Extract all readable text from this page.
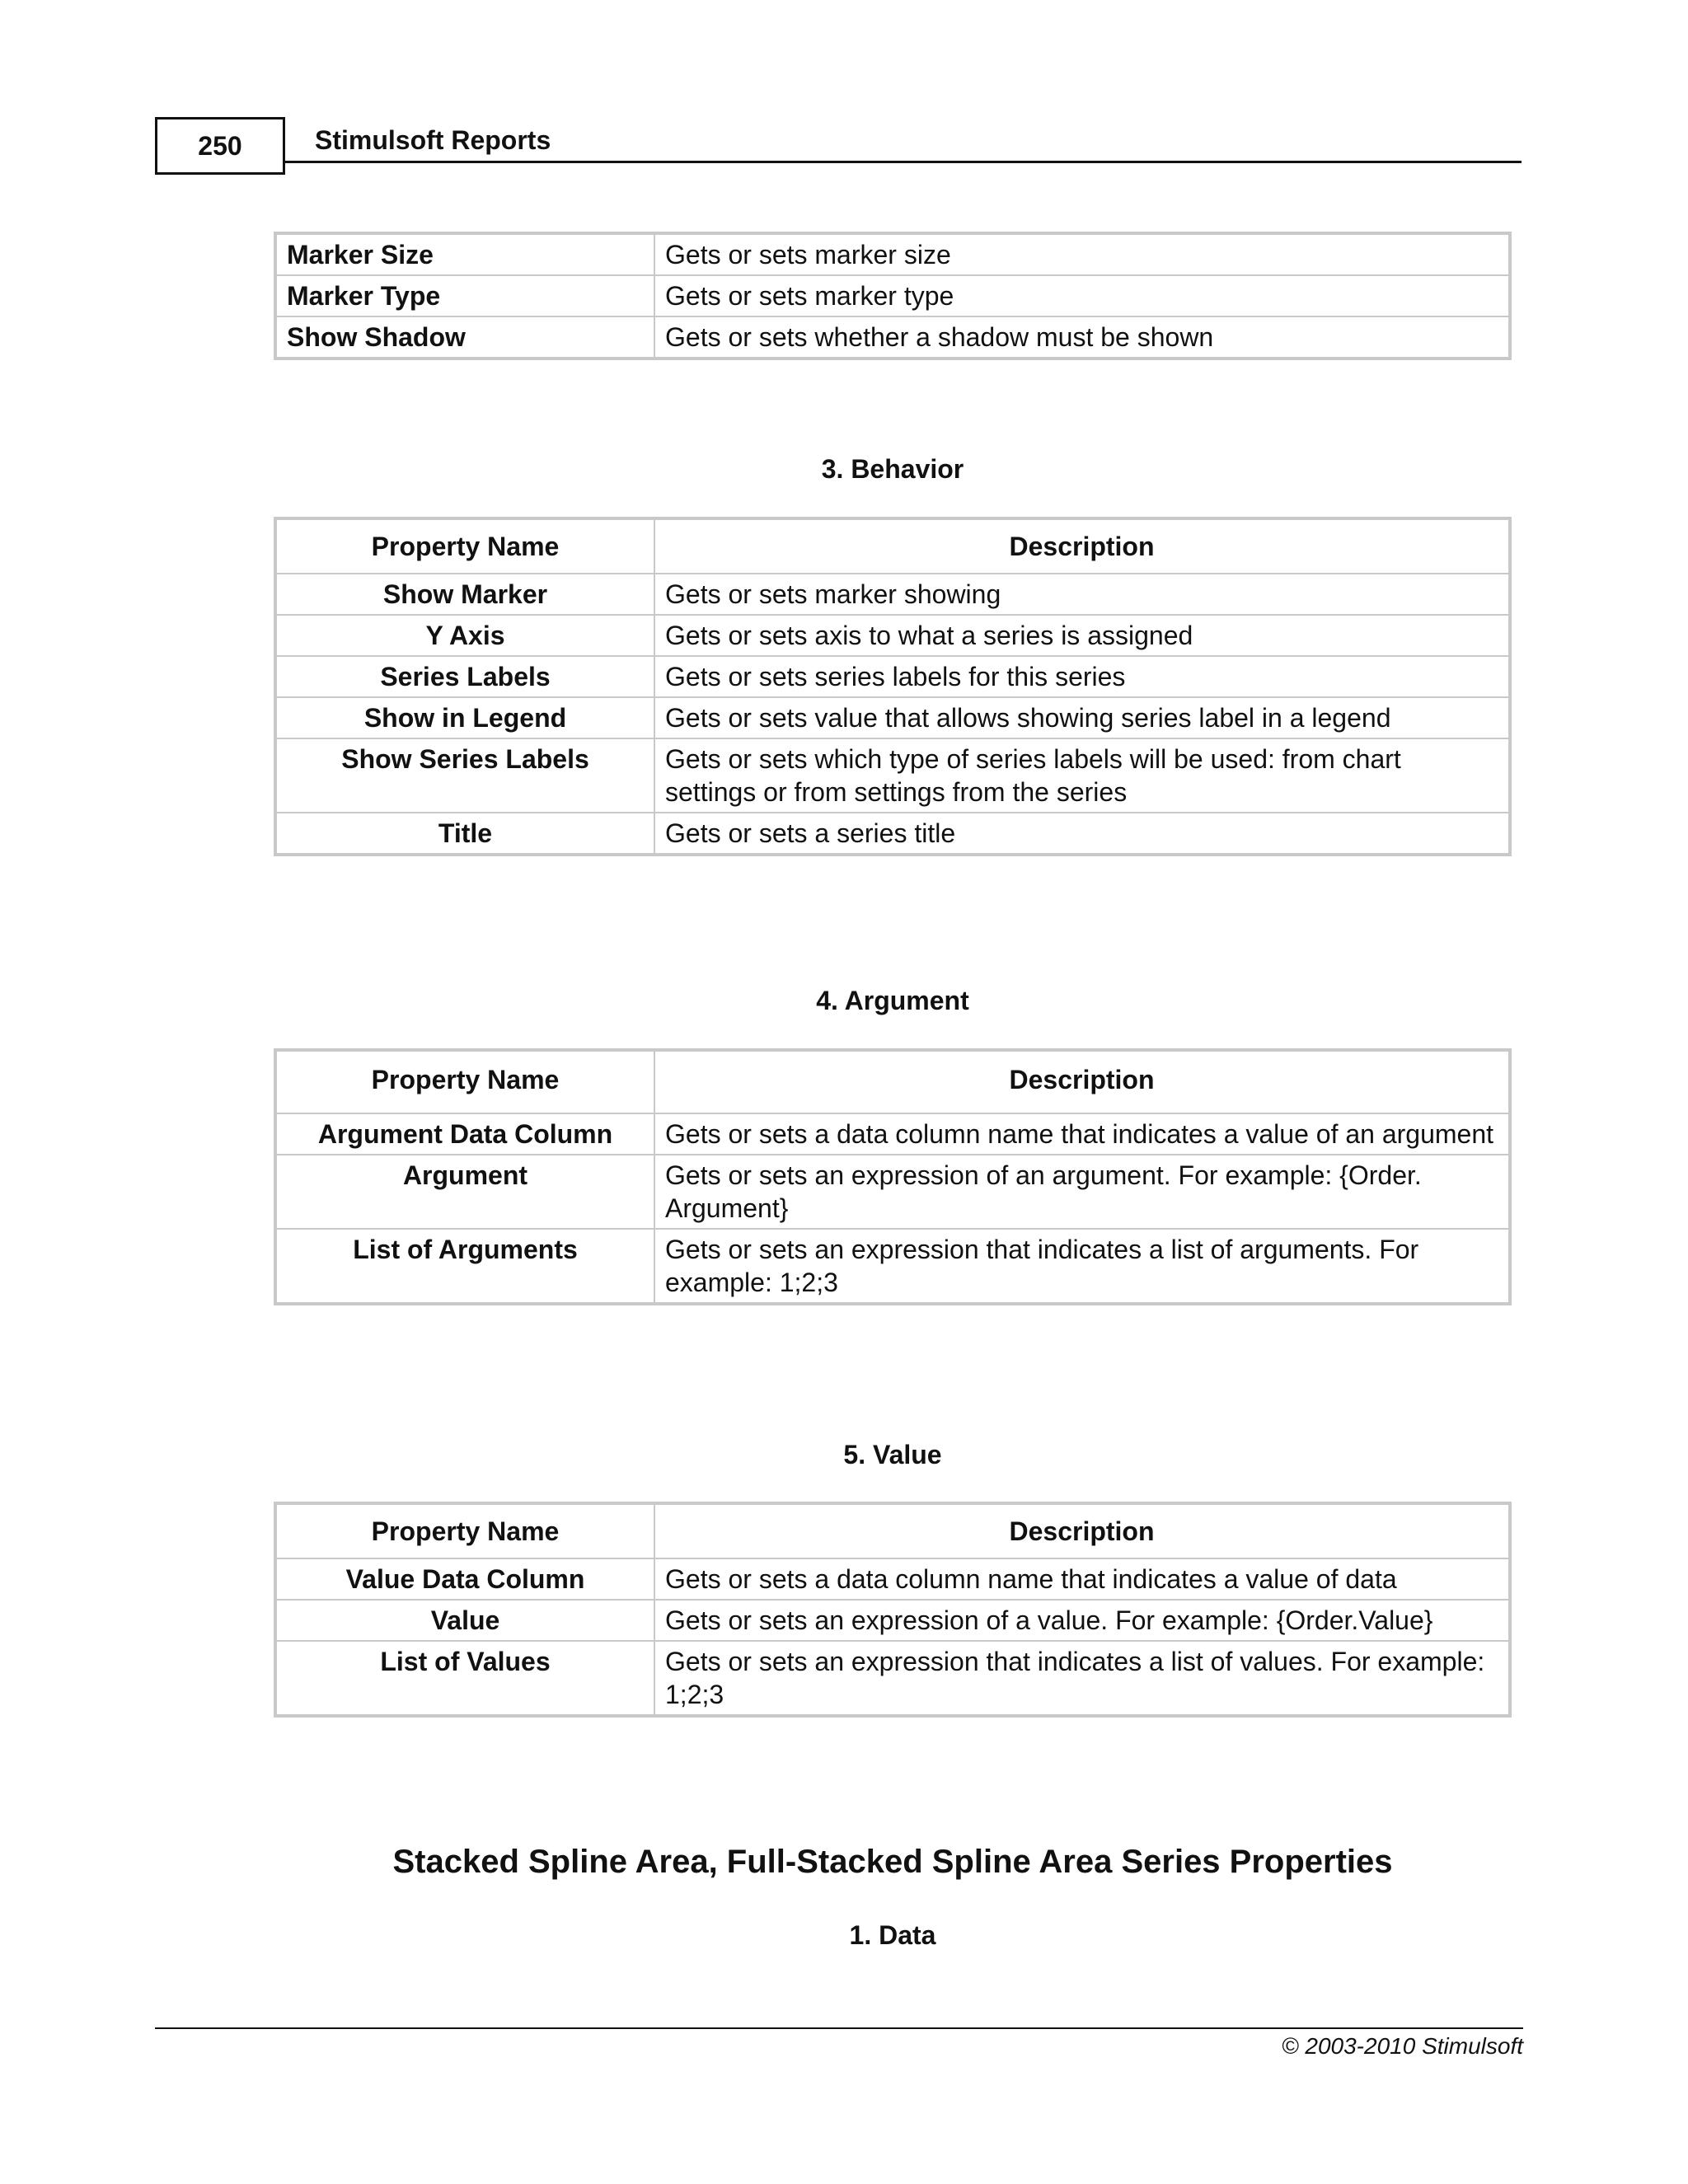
250	Stimulsoft Reports
Marker Size	Gets or sets marker size
Marker Type	Gets or sets marker type
Show Shadow	Gets or sets whether a shadow must be shown
3. Behavior
Property Name	Description
Show Marker	Gets or sets marker showing
Y Axis	Gets or sets axis to what a series is assigned
Series Labels	Gets or sets series labels for this series
Show in Legend	Gets or sets value that allows showing series label in a legend
Show Series Labels	Gets or sets which type of series labels will be used: from chart settings or from settings from the series
Title	Gets or sets a series title
4. Argument
Property Name	Description
Argument Data Column	Gets or sets a data column name that indicates a value of an argument
Argument	Gets or sets an expression of an argument. For example: {Order. Argument}
List of Arguments	Gets or sets an expression that indicates a list of arguments. For example: 1;2;3
5. Value
Property Name	Description
Value Data Column	Gets or sets a data column name that indicates a value of data
Value	Gets or sets an expression of a value. For example: {Order.Value}
List of Values	Gets or sets an expression that indicates a list of values. For example: 1;2;3
Stacked Spline Area, Full-Stacked Spline Area Series Properties
1. Data
© 2003-2010 Stimulsoft
